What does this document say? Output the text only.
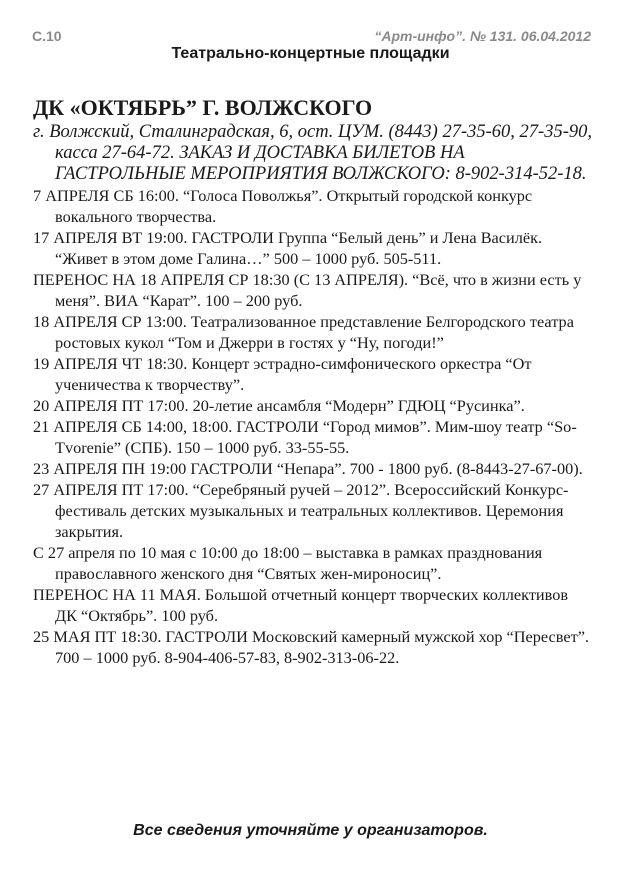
С.10	“Арт-инфо”. № 131. 06.04.2012
Театрально-концертные площадки
ДК «ОКТЯБРЬ” Г. ВОЛЖСКОГО

г. Волжский, Сталинградская, 6, ост. ЦУМ. (8443) 27-35-60, 27-35-90, касса 27-64-72. ЗАКАЗ И ДОСТАВКА БИЛЕТОВ НА ГАСТРОЛЬНЫЕ МЕРОПРИЯТИЯ ВОЛЖСКОГО: 8-902-314-52-18.

7 АПРЕЛЯ СБ 16:00. “Голоса Поволжья”. Открытый городской конкурс вокального творчества.
17 АПРЕЛЯ ВТ 19:00. ГАСТРОЛИ Группа “Белый день” и Лена Василёк. “Живет в этом доме Галина…” 500 – 1000 руб. 505-511.
ПЕРЕНОС НА 18 АПРЕЛЯ СР 18:30 (С 13 АПРЕЛЯ). “Всё, что в жизни есть у меня”. ВИА “Карат”. 100 – 200 руб.
18 АПРЕЛЯ СР 13:00. Театрализованное представление Белгородского театра ростовых кукол “Том и Джерри в гостях у “Ну, погоди!”
19 АПРЕЛЯ ЧТ 18:30. Концерт эстрадно-симфонического оркестра “От ученичества к творчеству”.
20 АПРЕЛЯ ПТ 17:00. 20-летие ансамбля “Модерн” ГДЮЦ “Русинка”.
21 АПРЕЛЯ СБ 14:00, 18:00. ГАСТРОЛИ “Город мимов”. Мим-шоу театр “So-Tvorenie” (СПБ). 150 – 1000 руб. 33-55-55.
23 АПРЕЛЯ ПН 19:00 ГАСТРОЛИ “Непара”. 700 - 1800 руб. (8-8443-27-67-00).
27 АПРЕЛЯ ПТ 17:00. “Серебряный ручей – 2012”. Всероссийский Конкурс-фестиваль детских музыкальных и театральных коллективов. Церемония закрытия.
С 27 апреля по 10 мая с 10:00 до 18:00 – выставка в рамках празднования православного женского дня “Святых жен-мироносиц”.
ПЕРЕНОС НА 11 МАЯ. Большой отчетный концерт творческих коллективов ДК “Октябрь”. 100 руб.
25 МАЯ ПТ 18:30. ГАСТРОЛИ Московский камерный мужской хор “Пересвет”. 700 – 1000 руб. 8-904-406-57-83, 8-902-313-06-22.
Все сведения уточняйте у организаторов.
